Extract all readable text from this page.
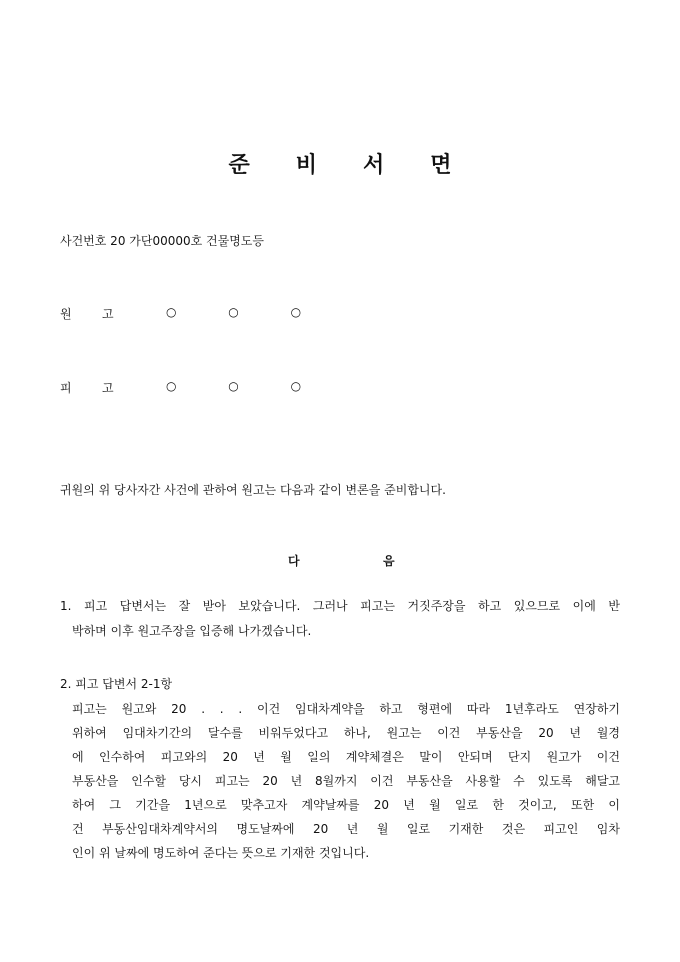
준 비 서 면
사건번호 20 가단00000호 건물명도등
원	고	○ ○ ○
피	고	○ ○ ○
귀원의 위 당사자간 사건에 관하여 원고는 다음과 같이 변론을 준비합니다.
다	음
1. 피고 답변서는 잘 받아 보았습니다. 그러나 피고는 거짓주장을 하고 있으므로 이에 반
박하며 이후 원고주장을 입증해 나가겠습니다.
2. 피고 답변서 2-1항
피고는 원고와 20 . . . 이건 임대차계약을 하고 형편에 따라 1년후라도 연장하기
위하여 임대차기간의 달수를 비워두었다고 하나, 원고는 이건 부동산을 20 년 월경
에 인수하여 피고와의 20 년 월 일의 계약체결은 말이 안되며 단지 원고가 이건
부동산을 인수할 당시 피고는 20 년 8월까지 이건 부동산을 사용할 수 있도록 해달고
하여 그 기간을 1년으로 맞추고자 계약날짜를 20 년 월 일로 한 것이고, 또한 이
건 부동산임대차계약서의 명도날짜에 20 년 월 일로 기재한 것은 피고인 임차
인이 위 날짜에 명도하여 준다는 뜻으로 기재한 것입니다.
